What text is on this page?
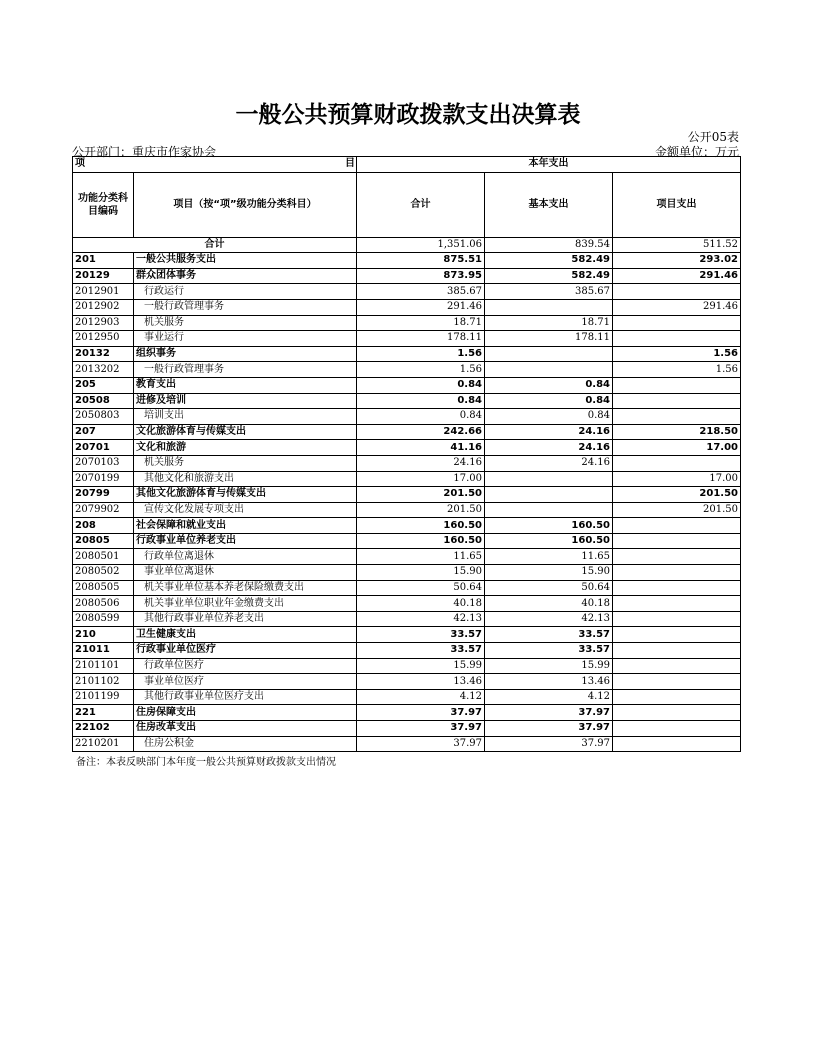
一般公共预算财政拨款支出决算表
公开05表
公开部门：重庆市作家协会	金额单位：万元
项 目		本年支出		
功能分类科目编码	项目（按“项”级功能分类科目）	合计	基本支出	项目支出
合计		1,351.06	839.54	511.52
201	一般公共服务支出	875.51	582.49	293.02
20129	群众团体事务	873.95	582.49	291.46
2012901	行政运行	385.67	385.67	
2012902	一般行政管理事务	291.46		291.46
2012903	机关服务	18.71	18.71	
2012950	事业运行	178.11	178.11	
20132	组织事务	1.56		1.56
2013202	一般行政管理事务	1.56		1.56
205	教育支出	0.84	0.84	
20508	进修及培训	0.84	0.84	
2050803	培训支出	0.84	0.84	
207	文化旅游体育与传媒支出	242.66	24.16	218.50
20701	文化和旅游	41.16	24.16	17.00
2070103	机关服务	24.16	24.16	
2070199	其他文化和旅游支出	17.00		17.00
20799	其他文化旅游体育与传媒支出	201.50		201.50
2079902	宣传文化发展专项支出	201.50		201.50
208	社会保障和就业支出	160.50	160.50	
20805	行政事业单位养老支出	160.50	160.50	
2080501	行政单位离退休	11.65	11.65	
2080502	事业单位离退休	15.90	15.90	
2080505	机关事业单位基本养老保险缴费支出	50.64	50.64	
2080506	机关事业单位职业年金缴费支出	40.18	40.18	
2080599	其他行政事业单位养老支出	42.13	42.13	
210	卫生健康支出	33.57	33.57	
21011	行政事业单位医疗	33.57	33.57	
2101101	行政单位医疗	15.99	15.99	
2101102	事业单位医疗	13.46	13.46	
2101199	其他行政事业单位医疗支出	4.12	4.12	
221	住房保障支出	37.97	37.97	
22102	住房改革支出	37.97	37.97	
2210201	住房公积金	37.97	37.97	
备注：本表反映部门本年度一般公共预算财政拨款支出情况
